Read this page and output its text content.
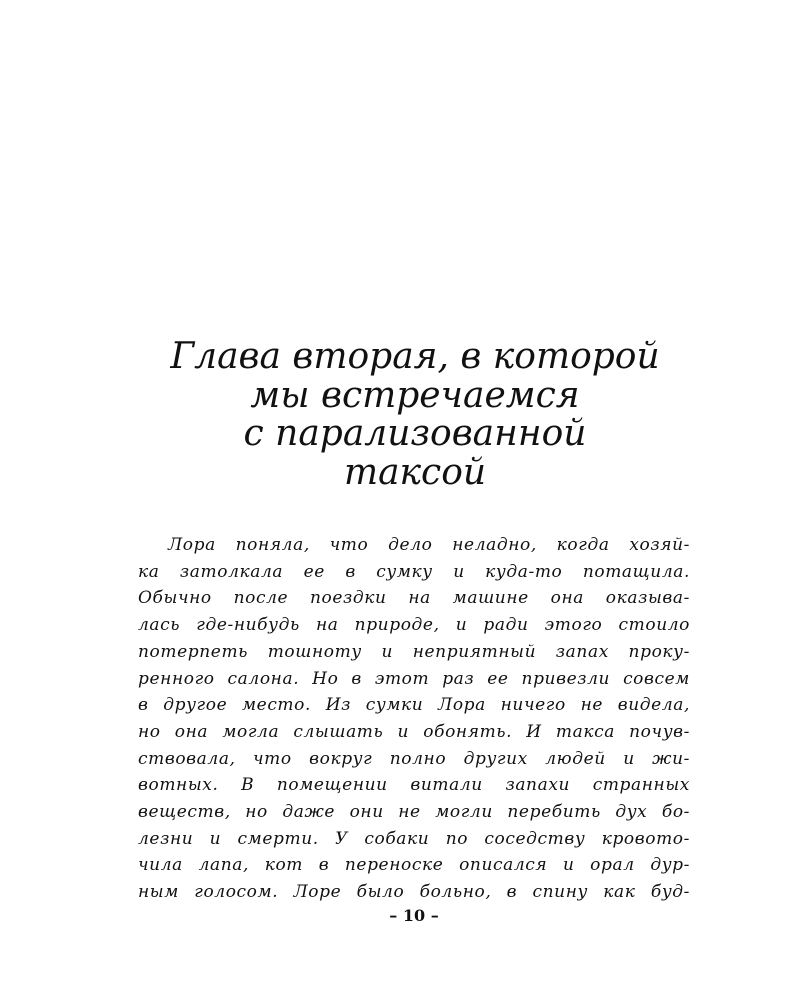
Глава вторая, в которой
мы встречаемся
с парализованной
таксой
Лора поняла, что дело неладно, когда хозяй-
ка затолкала ее в сумку и куда-то потащила.
Обычно после поездки на машине она оказыва-
лась где-нибудь на природе, и ради этого стоило
потерпеть тошноту и неприятный запах проку-
ренного салона. Но в этот раз ее привезли совсем
в другое место. Из сумки Лора ничего не видела,
но она могла слышать и обонять. И такса почув-
ствовала, что вокруг полно других людей и жи-
вотных. В помещении витали запахи странных
веществ, но даже они не могли перебить дух бо-
лезни и смерти. У собаки по соседству кровото-
чила лапа, кот в переноске описался и орал дур-
ным голосом. Лоре было больно, в спину как буд-
– 10 –
